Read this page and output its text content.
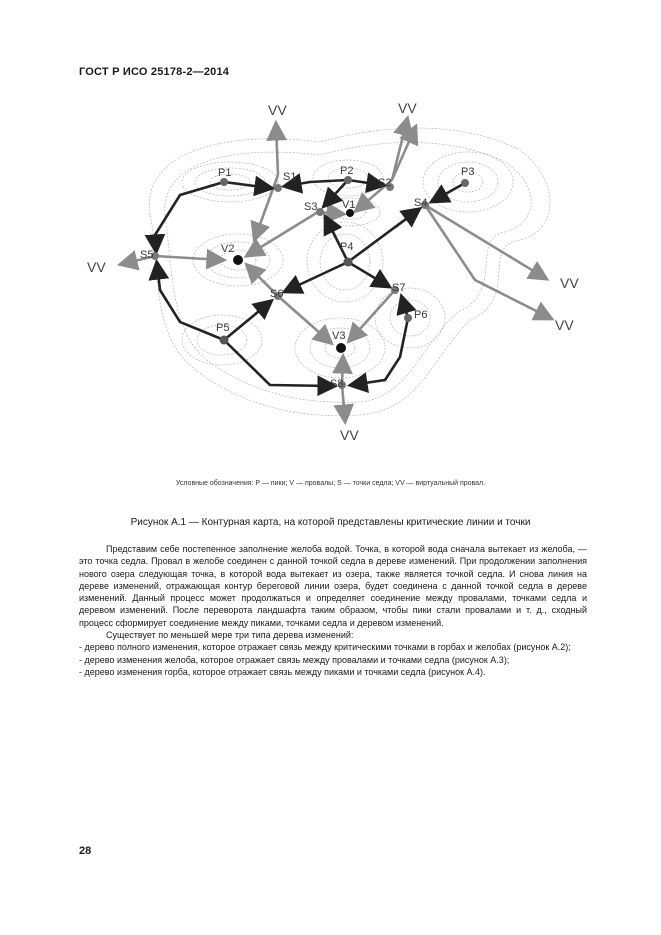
ГОСТ Р ИСО 25178-2—2014
P1	P2	P3
P4
P5
P6
S1	S2
S3	S4
S5
S6	S7
S8
V1
V2
V3
VV	VV
VV
VV
VV
VV
Условные обозначения: P — пики; V — провалы; S — точки седла; VV — виртуальный провал.
Рисунок А.1 — Контурная карта, на которой представлены критические линии и точки

Представим себе постепенное заполнение желоба водой. Точка, в которой вода сначала вытекает из желоба, — это точка седла. Провал в желобе соединен с данной точкой седла в дереве изменений. При продолжении заполнения нового озера следующая точка, в которой вода вытекает из озера, также является точкой седла. И снова линия на дереве изменений, отражающая контур береговой линии озера, будет соединена с данной точкой седла в дереве изменений. Данный процесс может продолжаться и определяет соединение между провалами, точками седла и деревом изменений. После переворота ландшафта таким образом, чтобы пики стали провалами и т. д., сходный процесс сформирует соединение между пиками, точками седла и деревом изменений.

Существует по меньшей мере три типа дерева изменений:

- дерево полного изменения, которое отражает связь между критическими точками в горбах и желобах (рисунок А.2);

- дерево изменения желоба, которое отражает связь между провалами и точками седла (рисунок А.3);

- дерево изменения горба, которое отражает связь между пиками и точками седла (рисунок А.4).

28
